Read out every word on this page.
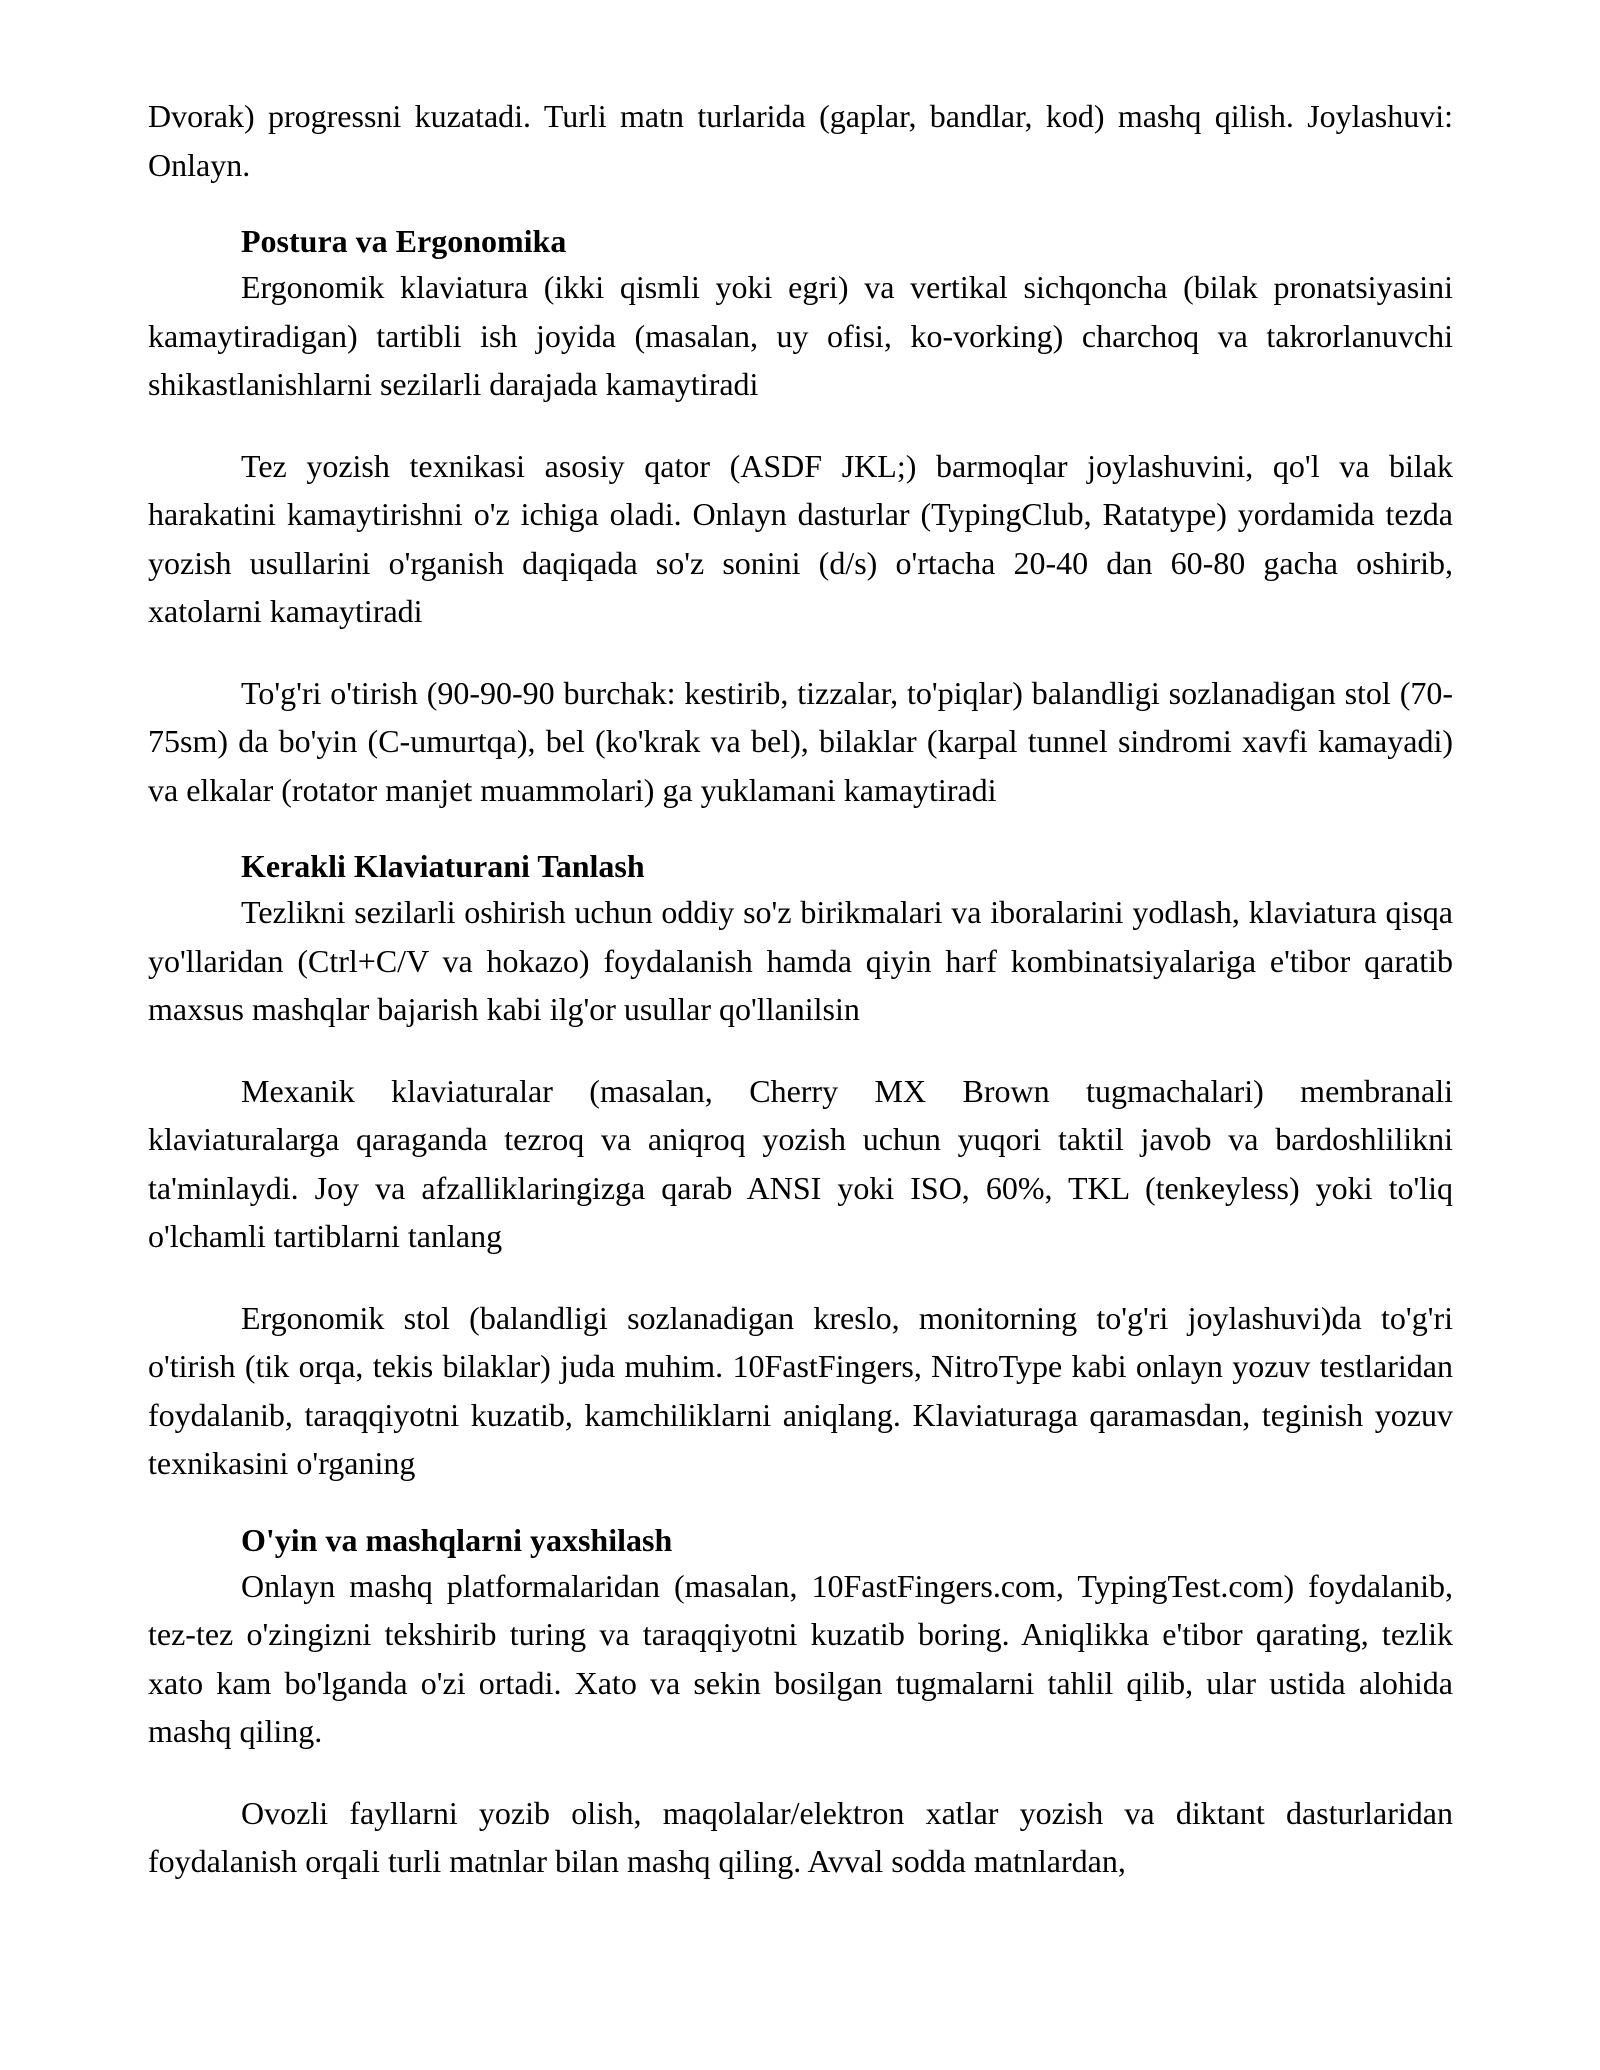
Dvorak) progressni kuzatadi. Turli matn turlarida (gaplar, bandlar, kod) mashq qilish. Joylashuvi: Onlayn.

Postura va Ergonomika

Ergonomik klaviatura (ikki qismli yoki egri) va vertikal sichqoncha (bilak pronatsiyasini kamaytiradigan) tartibli ish joyida (masalan, uy ofisi, ko-vorking) charchoq va takrorlanuvchi shikastlanishlarni sezilarli darajada kamaytiradi

Tez yozish texnikasi asosiy qator (ASDF JKL;) barmoqlar joylashuvini, qo'l va bilak harakatini kamaytirishni o'z ichiga oladi. Onlayn dasturlar (TypingClub, Ratatype) yordamida tezda yozish usullarini o'rganish daqiqada so'z sonini (d/s) o'rtacha 20-40 dan 60-80 gacha oshirib, xatolarni kamaytiradi

To'g'ri o'tirish (90-90-90 burchak: kestirib, tizzalar, to'piqlar) balandligi sozlanadigan stol (70-75sm) da bo'yin (C-umurtqa), bel (ko'krak va bel), bilaklar (karpal tunnel sindromi xavfi kamayadi) va elkalar (rotator manjet muammolari) ga yuklamani kamaytiradi

Kerakli Klaviaturani Tanlash

Tezlikni sezilarli oshirish uchun oddiy so'z birikmalari va iboralarini yodlash, klaviatura qisqa yo'llaridan (Ctrl+C/V va hokazo) foydalanish hamda qiyin harf kombinatsiyalariga e'tibor qaratib maxsus mashqlar bajarish kabi ilg'or usullar qo'llanilsin

Mexanik klaviaturalar (masalan, Cherry MX Brown tugmachalari) membranali klaviaturalarga qaraganda tezroq va aniqroq yozish uchun yuqori taktil javob va bardoshlilikni ta'minlaydi. Joy va afzalliklaringizga qarab ANSI yoki ISO, 60%, TKL (tenkeyless) yoki to'liq o'lchamli tartiblarni tanlang

Ergonomik stol (balandligi sozlanadigan kreslo, monitorning to'g'ri joylashuvi)da to'g'ri o'tirish (tik orqa, tekis bilaklar) juda muhim. 10FastFingers, NitroType kabi onlayn yozuv testlaridan foydalanib, taraqqiyotni kuzatib, kamchiliklarni aniqlang. Klaviaturaga qaramasdan, teginish yozuv texnikasini o'rganing

O'yin va mashqlarni yaxshilash

Onlayn mashq platformalaridan (masalan, 10FastFingers.com, TypingTest.com) foydalanib, tez-tez o'zingizni tekshirib turing va taraqqiyotni kuzatib boring. Aniqlikka e'tibor qarating, tezlik xato kam bo'lganda o'zi ortadi. Xato va sekin bosilgan tugmalarni tahlil qilib, ular ustida alohida mashq qiling.

Ovozli fayllarni yozib olish, maqolalar/elektron xatlar yozish va diktant dasturlaridan foydalanish orqali turli matnlar bilan mashq qiling. Avval sodda matnlardan,
